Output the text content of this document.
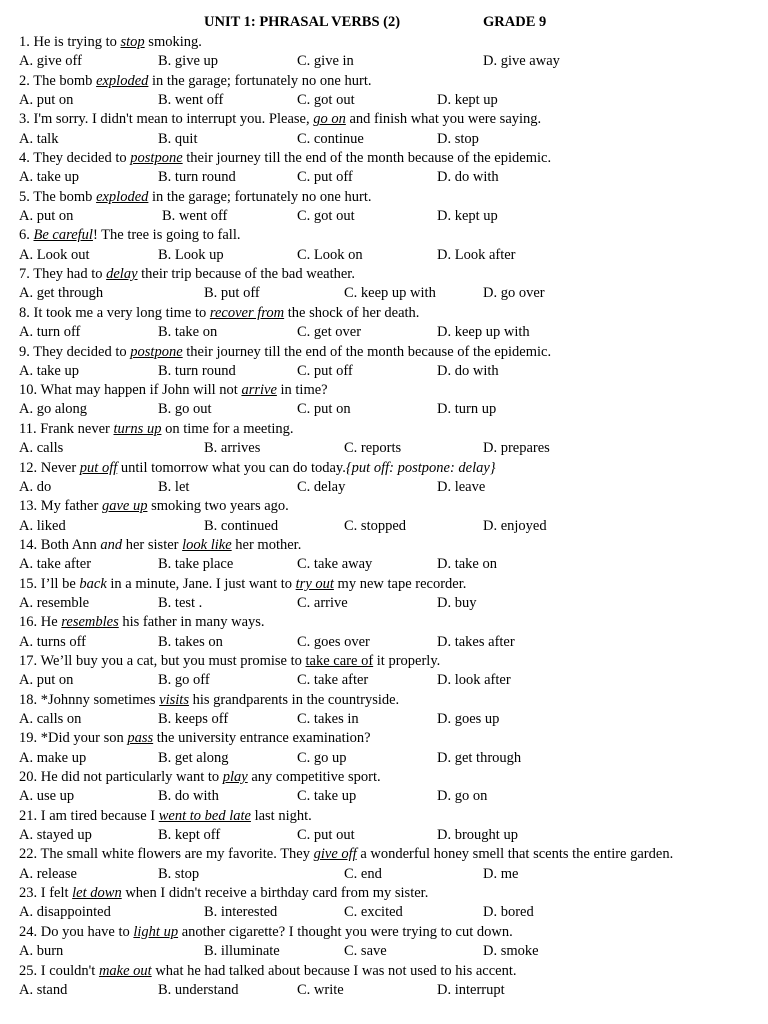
UNIT 1: PHRASAL VERBS (2)	GRADE 9
1. He is trying to stop smoking.
A. give off	B. give up	C. give in	D. give away
2. The bomb exploded in the garage; fortunately no one hurt.
A. put on	B. went off	C. got out	D. kept up
3. I'm sorry. I didn't mean to interrupt you. Please, go on and finish what you were saying.
A. talk	B. quit	C. continue	D. stop
4. They decided to postpone their journey till the end of the month because of the epidemic.
A. take up	B. turn round	C. put off	D. do with
5. The bomb exploded in the garage; fortunately no one hurt.
A. put on	B. went off	C. got out	D. kept up
6. Be careful! The tree is going to fall.
A. Look out	B. Look up	C. Look on	D. Look after
7. They had to delay their trip because of the bad weather.
A. get through	B. put off	C. keep up with	D. go over
8. It took me a very long time to recover from the shock of her death.
A. turn off	B. take on	C. get over	D. keep up with
9. They decided to postpone their journey till the end of the month because of the epidemic.
A. take up	B. turn round	C. put off	D. do with
10. What may happen if John will not arrive in time?
A. go along	B. go out	C. put on	D. turn up
11. Frank never turns up on time for a meeting.
A. calls	B. arrives	C. reports	D. prepares
12. Never put off until tomorrow what you can do today.{put off: postpone: delay}
A. do	B. let	C. delay	D. leave
13. My father gave up smoking two years ago.
A. liked	B. continued	C. stopped	D. enjoyed
14. Both Ann and her sister look like her mother.
A. take after	B. take place	C. take away	D. take on
15. I’ll be back in a minute, Jane. I just want to try out my new tape recorder.
A. resemble	B. test .	C. arrive	D. buy
16. He resembles his father in many ways.
A. turns off	B. takes on	C. goes over	D. takes after
17. We’ll buy you a cat, but you must promise to take care of it properly.
A. put on	B. go off	C. take after	D. look after
18. *Johnny sometimes visits his grandparents in the countryside.
A. calls on	B. keeps off	C. takes in	D. goes up
19. *Did your son pass the university entrance examination?
A. make up	B. get along	C. go up	D. get through
20. He did not particularly want to play any competitive sport.
A. use up	B. do with	C. take up	D. go on
21. I am tired because I went to bed late last night.
A. stayed up	B. kept off	C. put out	D. brought up
22. The small white flowers are my favorite. They give off a wonderful honey smell that scents the entire garden.
A. release	B. stop	C. end	D. me
23. I felt let down when I didn't receive a birthday card from my sister.
A. disappointed	B. interested	C. excited	D. bored
24. Do you have to light up another cigarette? I thought you were trying to cut down.
A. burn	B. illuminate	C. save	D. smoke
25. I couldn't make out what he had talked about because I was not used to his accent.
A. stand	B. understand	C. write	D. interrupt
